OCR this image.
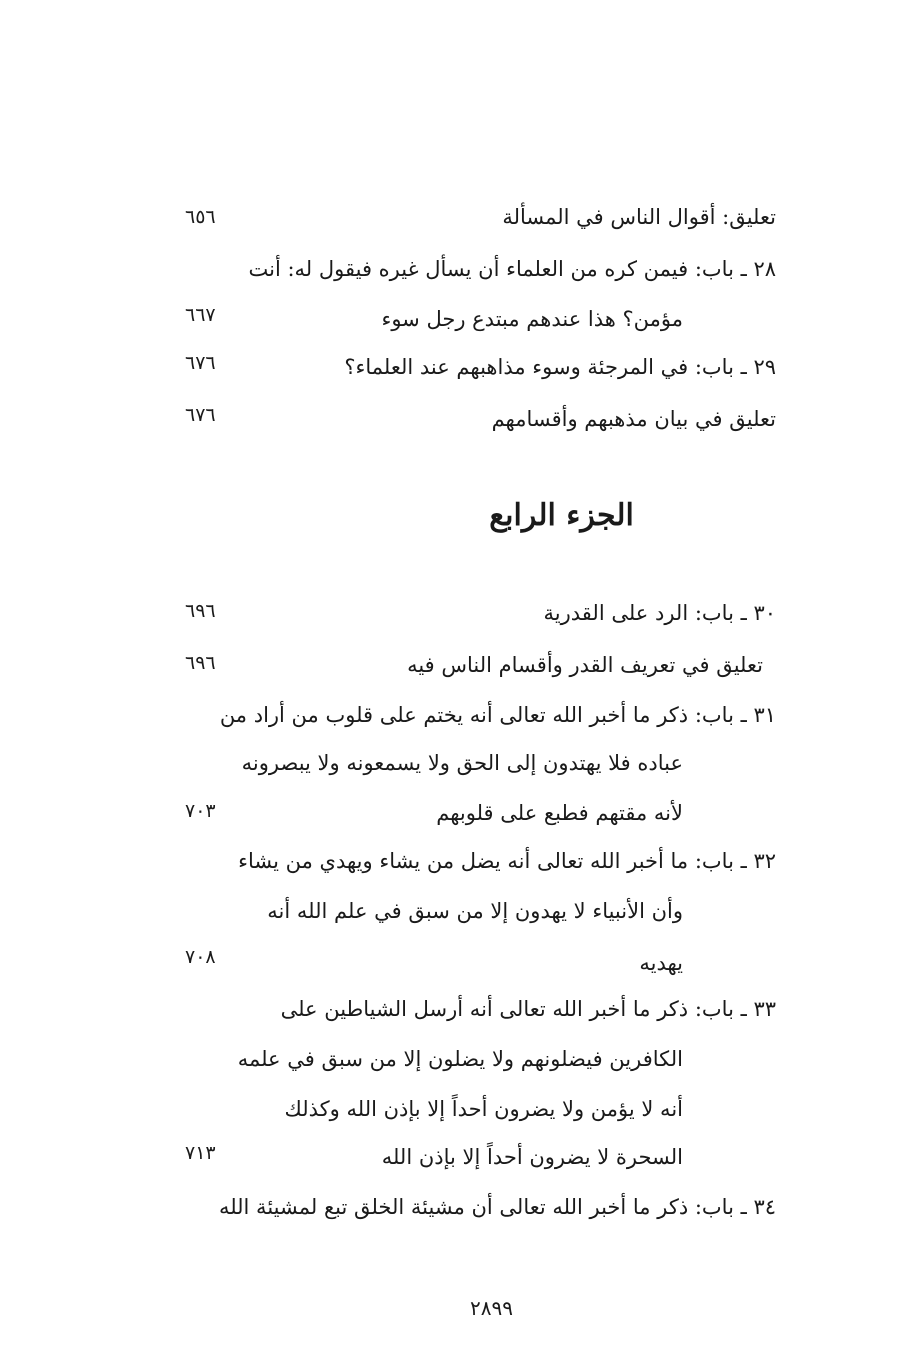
تعليق: أقوال الناس في المسألة
٦٥٦
٢٨ ـ باب: فيمن كره من العلماء أن يسأل غيره فيقول له: أنت
مؤمن؟ هذا عندهم مبتدع رجل سوء
٦٦٧
٢٩ ـ باب: في المرجئة وسوء مذاهبهم عند العلماء؟
٦٧٦
تعليق في بيان مذهبهم وأقسامهم
٦٧٦
الجزء الرابع
٣٠ ـ باب: الرد على القدرية
٦٩٦
تعليق في تعريف القدر وأقسام الناس فيه
٦٩٦
٣١ ـ باب: ذكر ما أخبر الله تعالى أنه يختم على قلوب من أراد من
عباده فلا يهتدون إلى الحق ولا يسمعونه ولا يبصرونه
لأنه مقتهم فطبع على قلوبهم
٧٠٣
٣٢ ـ باب: ما أخبر الله تعالى أنه يضل من يشاء ويهدي من يشاء
وأن الأنبياء لا يهدون إلا من سبق في علم الله أنه
يهديه
٧٠٨
٣٣ ـ باب: ذكر ما أخبر الله تعالى أنه أرسل الشياطين على
الكافرين فيضلونهم ولا يضلون إلا من سبق في علمه
أنه لا يؤمن ولا يضرون أحداً إلا بإذن الله وكذلك
السحرة لا يضرون أحداً إلا بإذن الله
٧١٣
٣٤ ـ باب: ذكر ما أخبر الله تعالى أن مشيئة الخلق تبع لمشيئة الله
٢٨٩٩
